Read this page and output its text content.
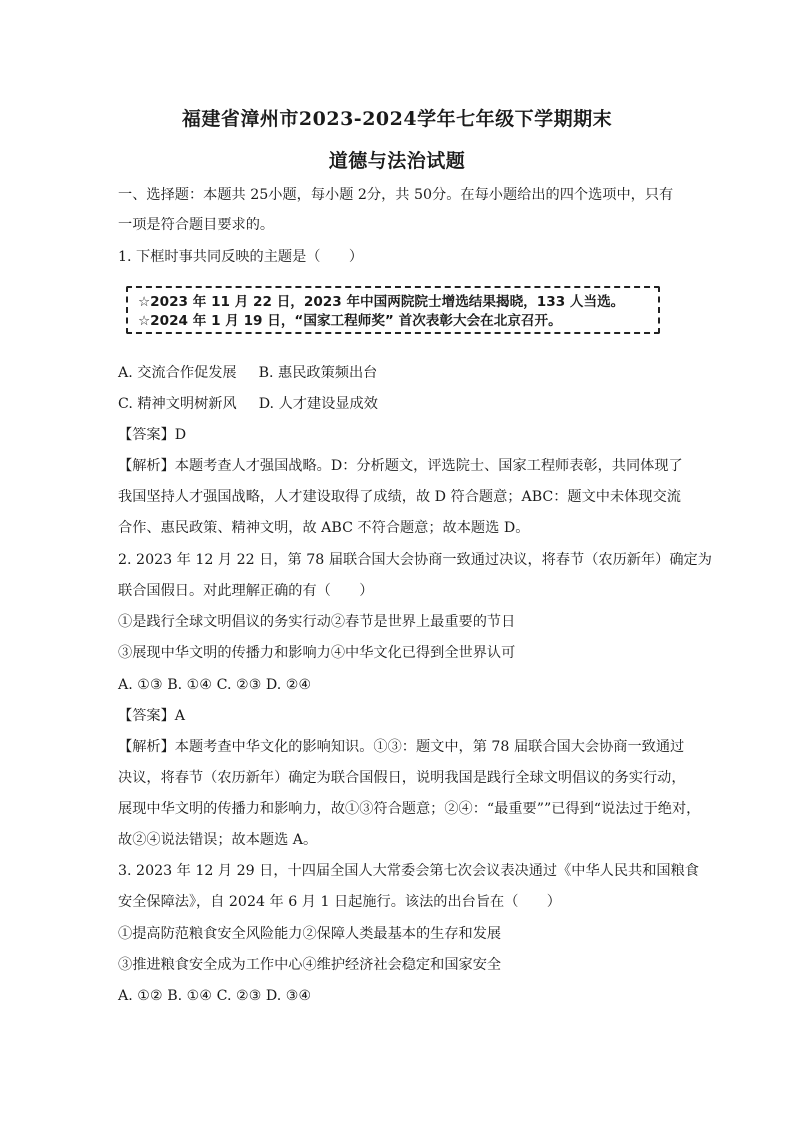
福建省漳州市2023-2024学年七年级下学期期末
道德与法治试题
一、选择题：本题共 25小题，每小题 2分，共 50分。在每小题给出的四个选项中，只有
一项是符合题目要求的。
1. 下框时事共同反映的主题是（　　）
☆2023 年 11 月 22 日，2023 年中国两院院士增选结果揭晓，133 人当选。
☆2024 年 1 月 19 日，“国家工程师奖” 首次表彰大会在北京召开。
A. 交流合作促发展 B. 惠民政策频出台
C. 精神文明树新风 D. 人才建设显成效
【答案】D
【解析】本题考查人才强国战略。D：分析题文，评选院士、国家工程师表彰，共同体现了
我国坚持人才强国战略，人才建设取得了成绩，故 D 符合题意；ABC：题文中未体现交流
合作、惠民政策、精神文明，故 ABC 不符合题意；故本题选 D。
2. 2023 年 12 月 22 日，第 78 届联合国大会协商一致通过决议，将春节（农历新年）确定为
联合国假日。对此理解正确的有（　　）
①是践行全球文明倡议的务实行动②春节是世界上最重要的节日
③展现中华文明的传播力和影响力④中华文化已得到全世界认可
A. ①③ B. ①④ C. ②③ D. ②④
【答案】A
【解析】本题考查中华文化的影响知识。①③：题文中，第 78 届联合国大会协商一致通过
决议，将春节（农历新年）确定为联合国假日，说明我国是践行全球文明倡议的务实行动，
展现中华文明的传播力和影响力，故①③符合题意；②④：“最重要””已得到“说法过于绝对，
故②④说法错误；故本题选 A。
3. 2023 年 12 月 29 日，十四届全国人大常委会第七次会议表决通过《中华人民共和国粮食
安全保障法》，自 2024 年 6 月 1 日起施行。该法的出台旨在（　　）
①提高防范粮食安全风险能力②保障人类最基本的生存和发展
③推进粮食安全成为工作中心④维护经济社会稳定和国家安全
A. ①② B. ①④ C. ②③ D. ③④
